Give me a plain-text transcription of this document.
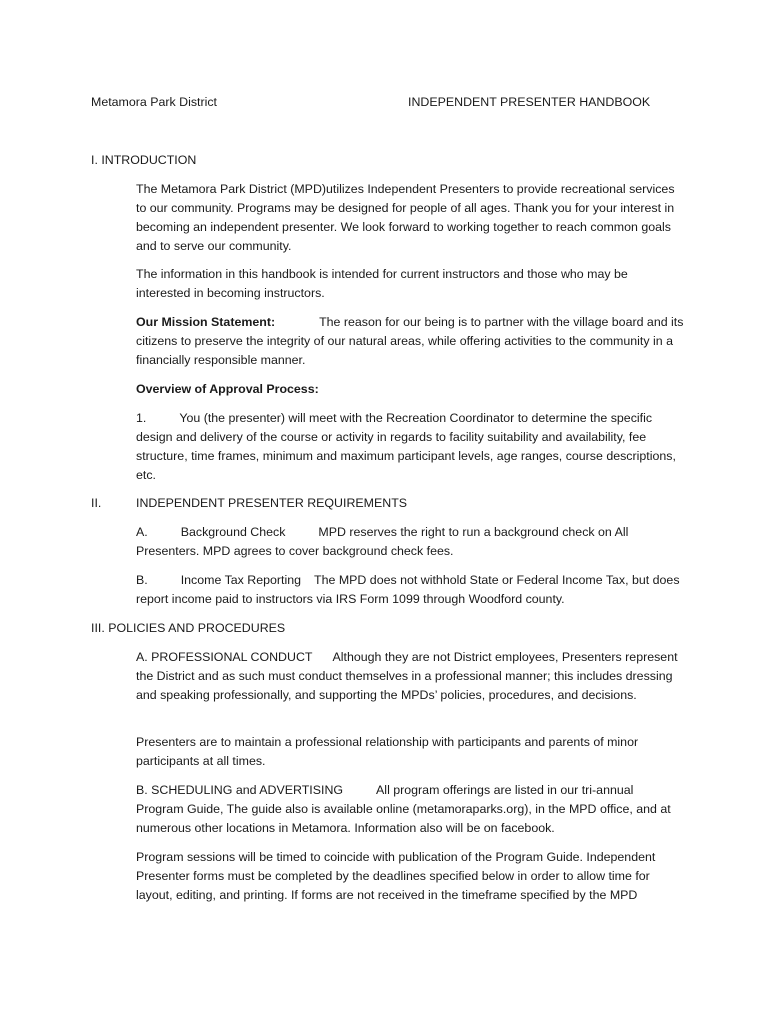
Metamora Park District	INDEPENDENT PRESENTER HANDBOOK
I. INTRODUCTION
The Metamora Park District (MPD)utilizes Independent Presenters to provide recreational services to our community. Programs may be designed for people of all ages. Thank you for your interest in becoming an independent presenter. We look forward to working together to reach common goals and to serve our community.
The information in this handbook is intended for current instructors and those who may be interested in becoming instructors.
Our Mission Statement:	The reason for our being is to partner with the village board and its citizens to preserve the integrity of our natural areas, while offering activities to the community in a financially responsible manner.
Overview of Approval Process:
1.	You (the presenter) will meet with the Recreation Coordinator to determine the specific design and delivery of the course or activity in regards to facility suitability and availability, fee structure, time frames, minimum and maximum participant levels, age ranges, course descriptions, etc.
II.	INDEPENDENT PRESENTER REQUIREMENTS
A.	Background Check	MPD reserves the right to run a background check on All Presenters. MPD agrees to cover background check fees.
B.	Income Tax Reporting The MPD does not withhold State or Federal Income Tax, but does report income paid to instructors via IRS Form 1099 through Woodford county.
III. POLICIES AND PROCEDURES
A. PROFESSIONAL CONDUCT Although they are not District employees, Presenters represent the District and as such must conduct themselves in a professional manner; this includes dressing and speaking professionally, and supporting the MPDs’ policies, procedures, and decisions.
Presenters are to maintain a professional relationship with participants and parents of minor participants at all times.
B. SCHEDULING and ADVERTISING	All program offerings are listed in our tri-annual Program Guide, The guide also is available online (metamoraparks.org), in the MPD office, and at numerous other locations in Metamora. Information also will be on facebook.
Program sessions will be timed to coincide with publication of the Program Guide. Independent Presenter forms must be completed by the deadlines specified below in order to allow time for layout, editing, and printing. If forms are not received in the timeframe specified by the MPD
